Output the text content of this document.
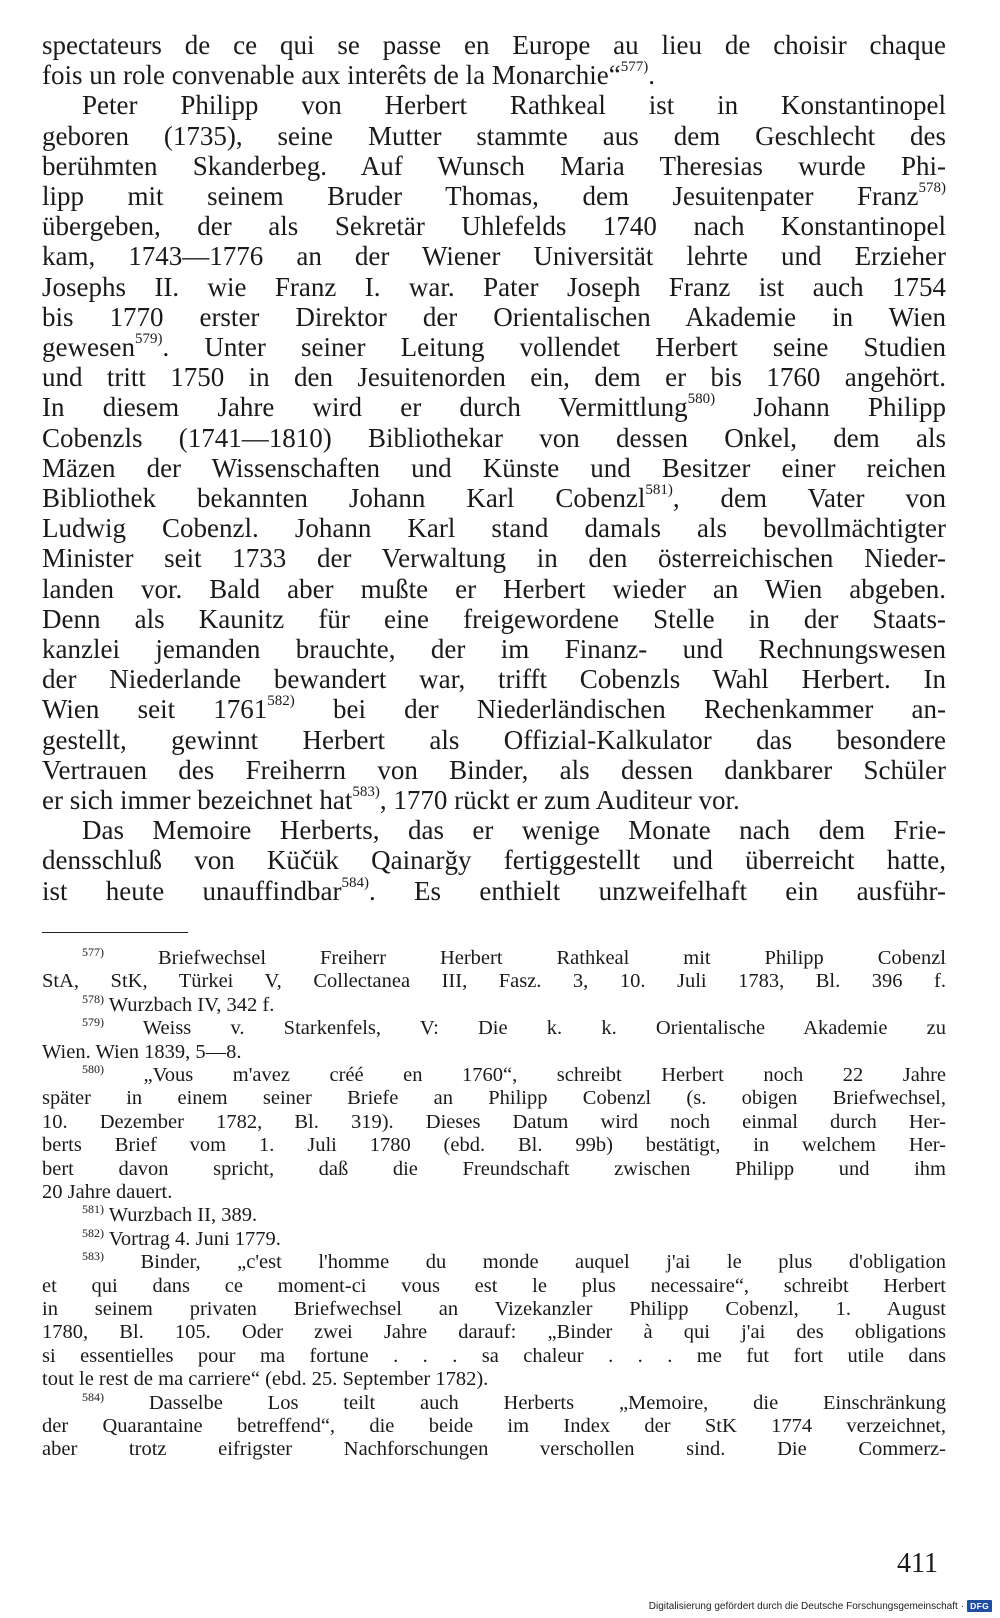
spectateurs de ce qui se passe en Europe au lieu de choisir chaque
fois un role convenable aux interêts de la Monarchie“$^{577)}$.
Peter Philipp von Herbert Rathkeal ist in Konstantinopel
geboren (1735), seine Mutter stammte aus dem Geschlecht des
berühmten Skanderbeg. Auf Wunsch Maria Theresias wurde Phi-
lipp mit seinem Bruder Thomas, dem Jesuitenpater Franz$^{578)}$
übergeben, der als Sekretär Uhlefelds 1740 nach Konstantinopel
kam, 1743—1776 an der Wiener Universität lehrte und Erzieher
Josephs II. wie Franz I. war. Pater Joseph Franz ist auch 1754
bis 1770 erster Direktor der Orientalischen Akademie in Wien
gewesen$^{579)}$. Unter seiner Leitung vollendet Herbert seine Studien
und tritt 1750 in den Jesuitenorden ein, dem er bis 1760 angehört.
In diesem Jahre wird er durch Vermittlung$^{580)}$ Johann Philipp
Cobenzls (1741—1810) Bibliothekar von dessen Onkel, dem als
Mäzen der Wissenschaften und Künste und Besitzer einer reichen
Bibliothek bekannten Johann Karl Cobenzl$^{581)}$, dem Vater von
Ludwig Cobenzl. Johann Karl stand damals als bevollmächtigter
Minister seit 1733 der Verwaltung in den österreichischen Nieder-
landen vor. Bald aber mußte er Herbert wieder an Wien abgeben.
Denn als Kaunitz für eine freigewordene Stelle in der Staats-
kanzlei jemanden brauchte, der im Finanz- und Rechnungswesen
der Niederlande bewandert war, trifft Cobenzls Wahl Herbert. In
Wien seit 1761$^{582)}$ bei der Niederländischen Rechenkammer an-
gestellt, gewinnt Herbert als Offizial-Kalkulator das besondere
Vertrauen des Freiherrn von Binder, als dessen dankbarer Schüler
er sich immer bezeichnet hat$^{583)}$, 1770 rückt er zum Auditeur vor.
Das Memoire Herberts, das er wenige Monate nach dem Frie-
densschluß von Küčük Qainarğy fertiggestellt und überreicht hatte,
ist heute unauffindbar$^{584)}$. Es enthielt unzweifelhaft ein ausführ-
$^{577)}$	Briefwechsel Freiherr Herbert Rathkeal mit Philipp Cobenzl
StA, StK, Türkei V, Collectanea III, Fasz. 3, 10. Juli 1783, Bl. 396 f.
$^{578)}$ Wurzbach IV, 342 f.
$^{579)}$ Weiss v. Starkenfels, V: Die k. k. Orientalische Akademie zu
Wien. Wien 1839, 5—8.
$^{580)}$ „Vous m'avez créé en 1760“, schreibt Herbert noch 22 Jahre
später in einem seiner Briefe an Philipp Cobenzl (s. obigen Briefwechsel,
10. Dezember 1782, Bl. 319). Dieses Datum wird noch einmal durch Her-
berts Brief vom 1. Juli 1780 (ebd. Bl. 99b) bestätigt, in welchem Her-
bert davon spricht, daß die Freundschaft zwischen Philipp und ihm
20 Jahre dauert.
$^{581)}$ Wurzbach II, 389.
$^{582)}$ Vortrag 4. Juni 1779.
$^{583)}$ Binder, „c'est l'homme du monde auquel j'ai le plus d'obligation
et qui dans ce moment-ci vous est le plus necessaire“, schreibt Herbert
in seinem privaten Briefwechsel an Vizekanzler Philipp Cobenzl, 1. August
1780, Bl. 105. Oder zwei Jahre darauf: „Binder à qui j'ai des obligations
si essentielles pour ma fortune . . . sa chaleur . . . me fut fort utile dans
tout le rest de ma carriere“ (ebd. 25. September 1782).
$^{584)}$ Dasselbe Los teilt auch Herberts „Memoire, die Einschränkung
der Quarantaine betreffend“, die beide im Index der StK 1774 verzeichnet,
aber trotz eifrigster Nachforschungen verschollen sind. Die Commerz-
411
Digitalisierung gefördert durch die Deutsche Forschungsgemeinschaft · DFG
